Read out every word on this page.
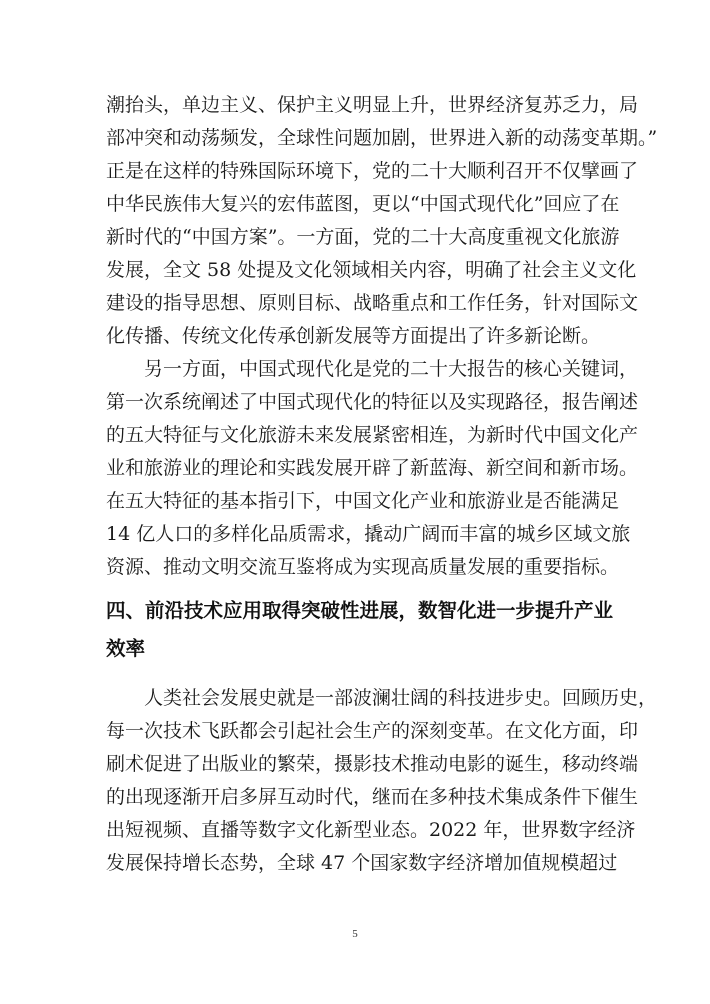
潮抬头，单边主义、保护主义明显上升，世界经济复苏乏力，局
部冲突和动荡频发，全球性问题加剧，世界进入新的动荡变革期。”
正是在这样的特殊国际环境下，党的二十大顺利召开不仅擘画了
中华民族伟大复兴的宏伟蓝图，更以“中国式现代化”回应了在
新时代的“中国方案”。一方面，党的二十大高度重视文化旅游
发展，全文 58 处提及文化领域相关内容，明确了社会主义文化
建设的指导思想、原则目标、战略重点和工作任务，针对国际文
化传播、传统文化传承创新发展等方面提出了许多新论断。
另一方面，中国式现代化是党的二十大报告的核心关键词，
第一次系统阐述了中国式现代化的特征以及实现路径，报告阐述
的五大特征与文化旅游未来发展紧密相连，为新时代中国文化产
业和旅游业的理论和实践发展开辟了新蓝海、新空间和新市场。
在五大特征的基本指引下，中国文化产业和旅游业是否能满足
14 亿人口的多样化品质需求，撬动广阔而丰富的城乡区域文旅
资源、推动文明交流互鉴将成为实现高质量发展的重要指标。
四、前沿技术应用取得突破性进展，数智化进一步提升产业
效率
人类社会发展史就是一部波澜壮阔的科技进步史。回顾历史，
每一次技术飞跃都会引起社会生产的深刻变革。在文化方面，印
刷术促进了出版业的繁荣，摄影技术推动电影的诞生，移动终端
的出现逐渐开启多屏互动时代，继而在多种技术集成条件下催生
出短视频、直播等数字文化新型业态。2022 年，世界数字经济
发展保持增长态势，全球 47 个国家数字经济增加值规模超过
5
